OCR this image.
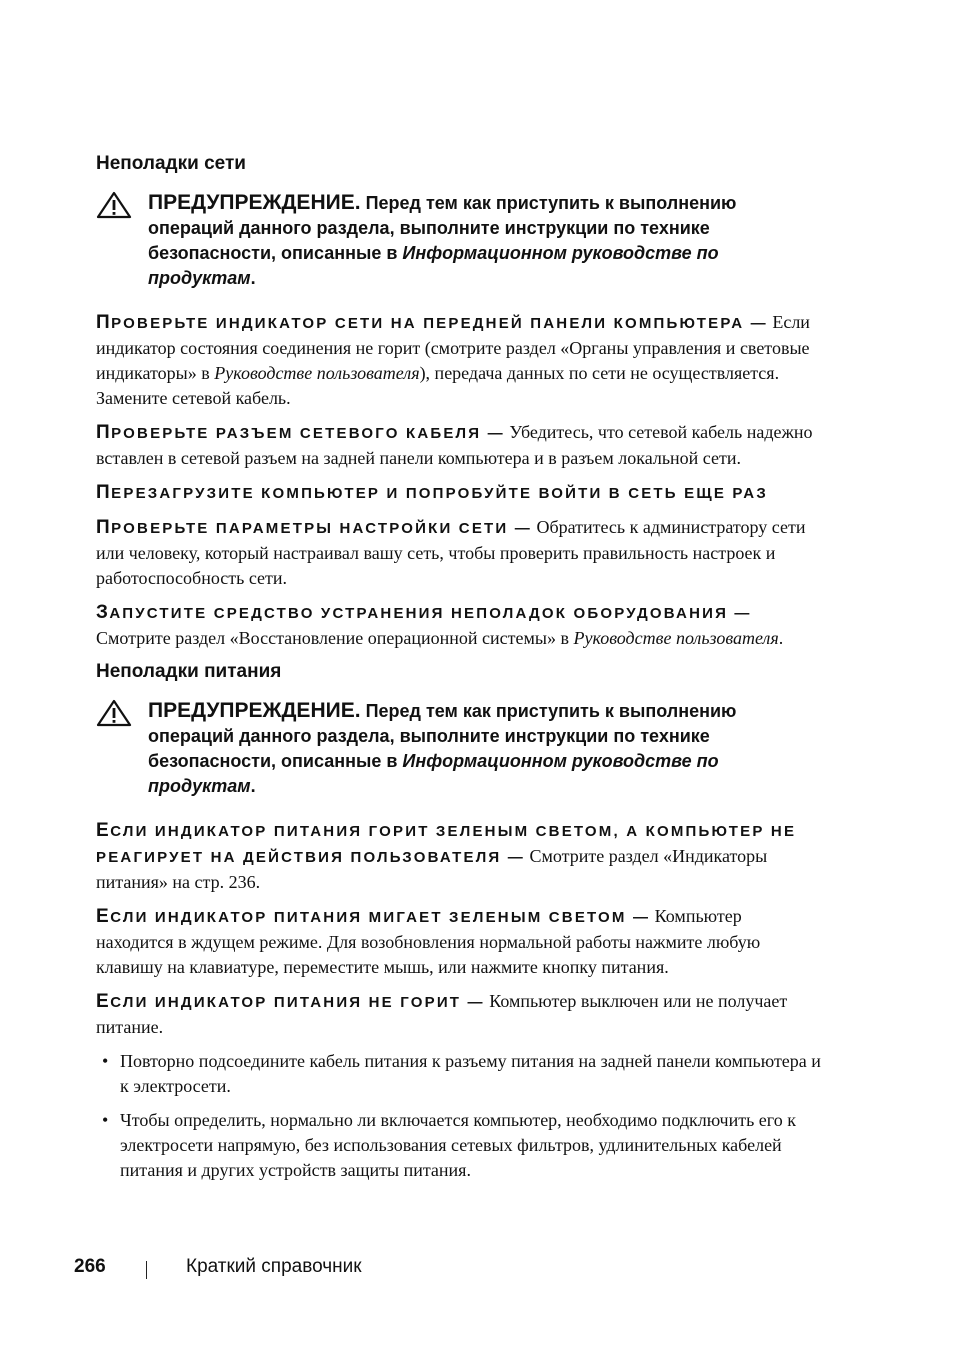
Неполадки сети
ПРЕДУПРЕЖДЕНИЕ. Перед тем как приступить к выполнению операций данного раздела, выполните инструкции по технике безопасности, описанные в Информационном руководстве по продуктам.

ПРОВЕРЬТЕ ИНДИКАТОР СЕТИ НА ПЕРЕДНЕЙ ПАНЕЛИ КОМПЬЮТЕРА — Если индикатор состояния соединения не горит (смотрите раздел «Органы управления и световые индикаторы» в Руководстве пользователя), передача данных по сети не осуществляется. Замените сетевой кабель.

ПРОВЕРЬТЕ РАЗЪЕМ СЕТЕВОГО КАБЕЛЯ — Убедитесь, что сетевой кабель надежно вставлен в сетевой разъем на задней панели компьютера и в разъем локальной сети.

ПЕРЕЗАГРУЗИТЕ КОМПЬЮТЕР И ПОПРОБУЙТЕ ВОЙТИ В СЕТЬ ЕЩЕ РАЗ

ПРОВЕРЬТЕ ПАРАМЕТРЫ НАСТРОЙКИ СЕТИ — Обратитесь к администратору сети или человеку, который настраивал вашу сеть, чтобы проверить правильность настроек и работоспособность сети.

ЗАПУСТИТЕ СРЕДСТВО УСТРАНЕНИЯ НЕПОЛАДОК ОБОРУДОВАНИЯ — Смотрите раздел «Восстановление операционной системы» в Руководстве пользователя.

Неполадки питания
ПРЕДУПРЕЖДЕНИЕ. Перед тем как приступить к выполнению операций данного раздела, выполните инструкции по технике безопасности, описанные в Информационном руководстве по продуктам.

ЕСЛИ ИНДИКАТОР ПИТАНИЯ ГОРИТ ЗЕЛЕНЫМ СВЕТОМ, А КОМПЬЮТЕР НЕ РЕАГИРУЕТ НА ДЕЙСТВИЯ ПОЛЬЗОВАТЕЛЯ — Смотрите раздел «Индикаторы питания» на стр. 236.

ЕСЛИ ИНДИКАТОР ПИТАНИЯ МИГАЕТ ЗЕЛЕНЫМ СВЕТОМ — Компьютер находится в ждущем режиме. Для возобновления нормальной работы нажмите любую клавишу на клавиатуре, переместите мышь, или нажмите кнопку питания.

ЕСЛИ ИНДИКАТОР ПИТАНИЯ НЕ ГОРИТ — Компьютер выключен или не получает питание.

• Повторно подсоедините кабель питания к разъему питания на задней панели компьютера и к электросети.
• Чтобы определить, нормально ли включается компьютер, необходимо подключить его к электросети напрямую, без использования сетевых фильтров, удлинительных кабелей питания и других устройств защиты питания.
266	Краткий справочник
